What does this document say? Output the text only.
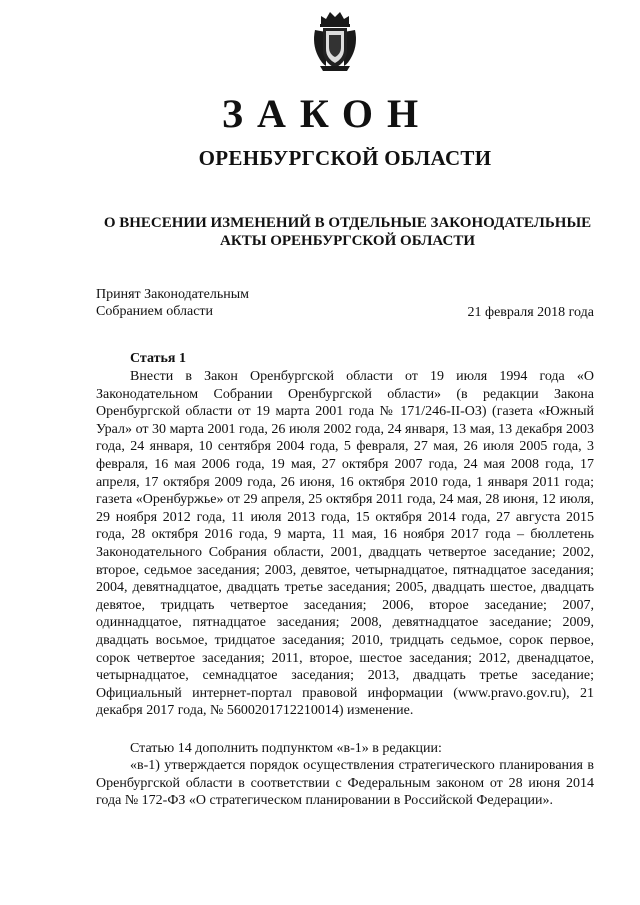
ЗАКОН
ОРЕНБУРГСКОЙ ОБЛАСТИ
О ВНЕСЕНИИ ИЗМЕНЕНИЙ В ОТДЕЛЬНЫЕ ЗАКОНОДАТЕЛЬНЫЕ
АКТЫ ОРЕНБУРГСКОЙ ОБЛАСТИ
Принят Законодательным
Собранием области	21 февраля 2018 года
Статья 1

Внести в Закон Оренбургской области от 19 июля 1994 года «О Законодательном Собрании Оренбургской области» (в редакции Закона Оренбургской области от 19 марта 2001 года № 171/246-II-ОЗ) (газета «Южный Урал» от 30 марта 2001 года, 26 июля 2002 года, 24 января, 13 мая, 13 декабря 2003 года, 24 января, 10 сентября 2004 года, 5 февраля, 27 мая, 26 июля 2005 года, 3 февраля, 16 мая 2006 года, 19 мая, 27 октября 2007 года, 24 мая 2008 года, 17 апреля, 17 октября 2009 года, 26 июня, 16 октября 2010 года, 1 января 2011 года; газета «Оренбуржье» от 29 апреля, 25 октября 2011 года, 24 мая, 28 июня, 12 июля, 29 ноября 2012 года, 11 июля 2013 года, 15 октября 2014 года, 27 августа 2015 года, 28 октября 2016 года, 9 марта, 11 мая, 16 ноября 2017 года – бюллетень Законодательного Собрания области, 2001, двадцать четвертое заседание; 2002, второе, седьмое заседания; 2003, девятое, четырнадцатое, пятнадцатое заседания; 2004, девятнадцатое, двадцать третье заседания; 2005, двадцать шестое, двадцать девятое, тридцать четвертое заседания; 2006, второе заседание; 2007, одиннадцатое, пятнадцатое заседания; 2008, девятнадцатое заседание; 2009, двадцать восьмое, тридцатое заседания; 2010, тридцать седьмое, сорок первое, сорок четвертое заседания; 2011, второе, шестое заседания; 2012, двенадцатое, четырнадцатое, семнадцатое заседания; 2013, двадцать третье заседание; Официальный интернет-портал правовой информации (www.pravo.gov.ru), 21 декабря 2017 года, № 5600201712210014) изменение.

Статью 14 дополнить подпунктом «в-1» в редакции:

«в-1) утверждается порядок осуществления стратегического планирования в Оренбургской области в соответствии с Федеральным законом от 28 июня 2014 года № 172-ФЗ «О стратегическом планировании в Российской Федерации».
